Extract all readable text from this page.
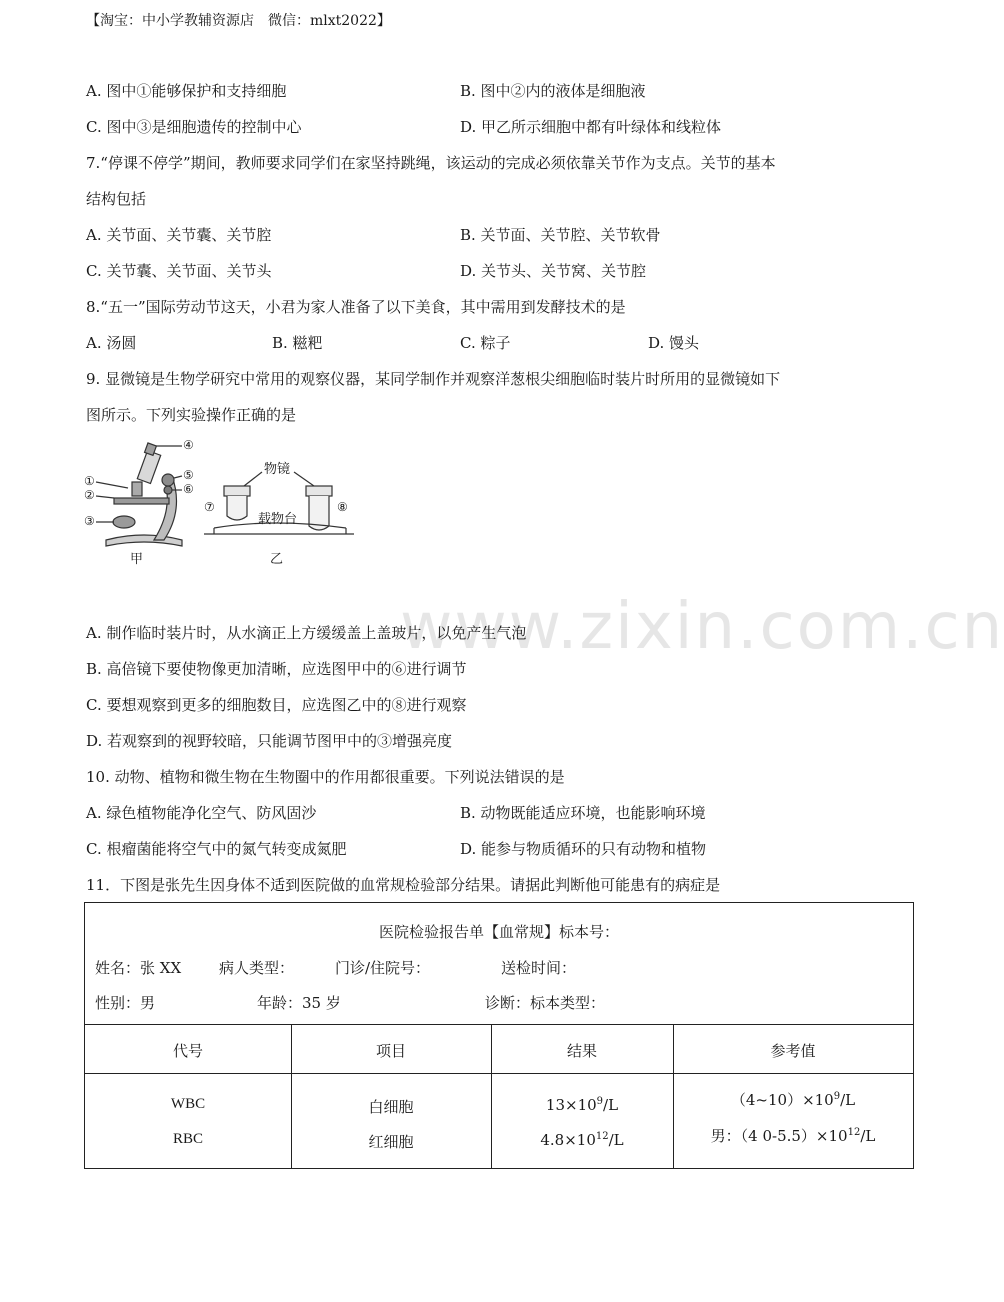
【淘宝：中小学教辅资源店　微信：mlxt2022】
www.zixin.com.cn
A. 图中①能够保护和支持细胞	B. 图中②内的液体是细胞液
C. 图中③是细胞遗传的控制中心	D. 甲乙所示细胞中都有叶绿体和线粒体
7.“停课不停学”期间，教师要求同学们在家坚持跳绳，该运动的完成必须依靠关节作为支点。关节的基本
结构包括
A. 关节面、关节囊、关节腔	B. 关节面、关节腔、关节软骨
C. 关节囊、关节面、关节头	D. 关节头、关节窝、关节腔
8.“五一”国际劳动节这天，小君为家人准备了以下美食，其中需用到发酵技术的是
A. 汤圆	B. 糍粑	C. 粽子	D. 馒头
9. 显微镜是生物学研究中常用的观察仪器，某同学制作并观察洋葱根尖细胞临时装片时所用的显微镜如下
图所示。下列实验操作正确的是
①
②
③
④
⑤
⑥
⑦	⑧
物镜
载物台
甲	乙
A. 制作临时装片时，从水滴正上方缓缓盖上盖玻片，以免产生气泡
B. 高倍镜下要使物像更加清晰，应选图甲中的⑥进行调节
C. 要想观察到更多的细胞数目，应选图乙中的⑧进行观察
D. 若观察到的视野较暗，只能调节图甲中的③增强亮度
10. 动物、植物和微生物在生物圈中的作用都很重要。下列说法错误的是
A. 绿色植物能净化空气、防风固沙	B. 动物既能适应环境，也能影响环境
C. 根瘤菌能将空气中的氮气转变成氮肥	D. 能参与物质循环的只有动物和植物
11．下图是张先生因身体不适到医院做的血常规检验部分结果。请据此判断他可能患有的病症是
医院检验报告单【血常规】标本号：
姓名：张 XX	病人类型：	门诊/住院号：	送检时间：
性别：男	年龄：35 岁	诊断：标本类型：
代号	项目	结果	参考值
WBC	白细胞	$13\times 10^9/L$	$(4\sim 10)\times 10^9/L$
RBC	红细胞	$4.8\times 10^{12}/L$	男：（4 $0-5.5)\times 10^{12}/L$
